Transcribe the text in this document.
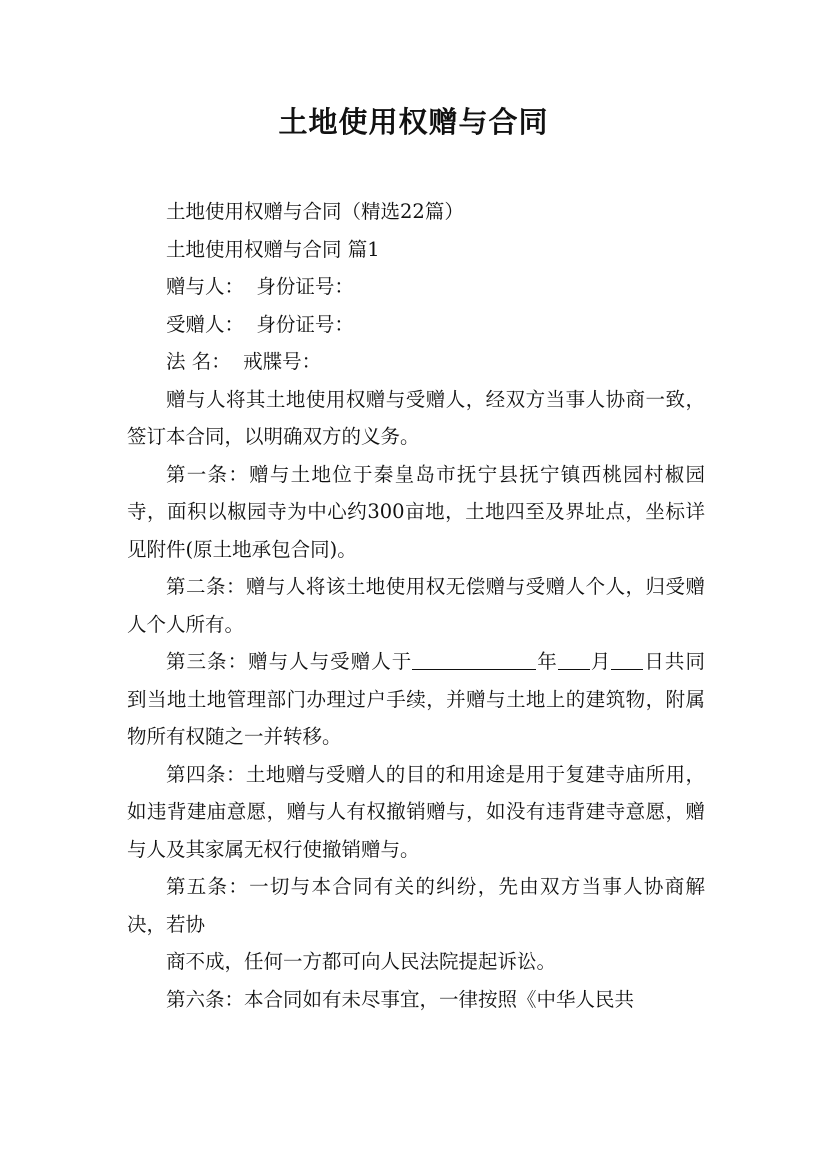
土地使用权赠与合同

土地使用权赠与合同（精选22篇）

土地使用权赠与合同 篇1

赠与人：  身份证号：

受赠人：  身份证号：

法 名：  戒牒号：

赠与人将其土地使用权赠与受赠人，经双方当事人协商一致，签订本合同，以明确双方的义务。

第一条：赠与土地位于秦皇岛市抚宁县抚宁镇西桃园村椒园寺，面积以椒园寺为中心约300亩地，土地四至及界址点，坐标详见附件(原土地承包合同)。

第二条：赠与人将该土地使用权无偿赠与受赠人个人，归受赠人个人所有。

第三条：赠与人与受赠人于	年 月 日共同到当地土地管理部门办理过户手续，并赠与土地上的建筑物，附属物所有权随之一并转移。

第四条：土地赠与受赠人的目的和用途是用于复建寺庙所用，如违背建庙意愿，赠与人有权撤销赠与，如没有违背建寺意愿，赠与人及其家属无权行使撤销赠与。

第五条：一切与本合同有关的纠纷，先由双方当事人协商解决，若协

商不成，任何一方都可向人民法院提起诉讼。

第六条：本合同如有未尽事宜，一律按照《中华人民共
